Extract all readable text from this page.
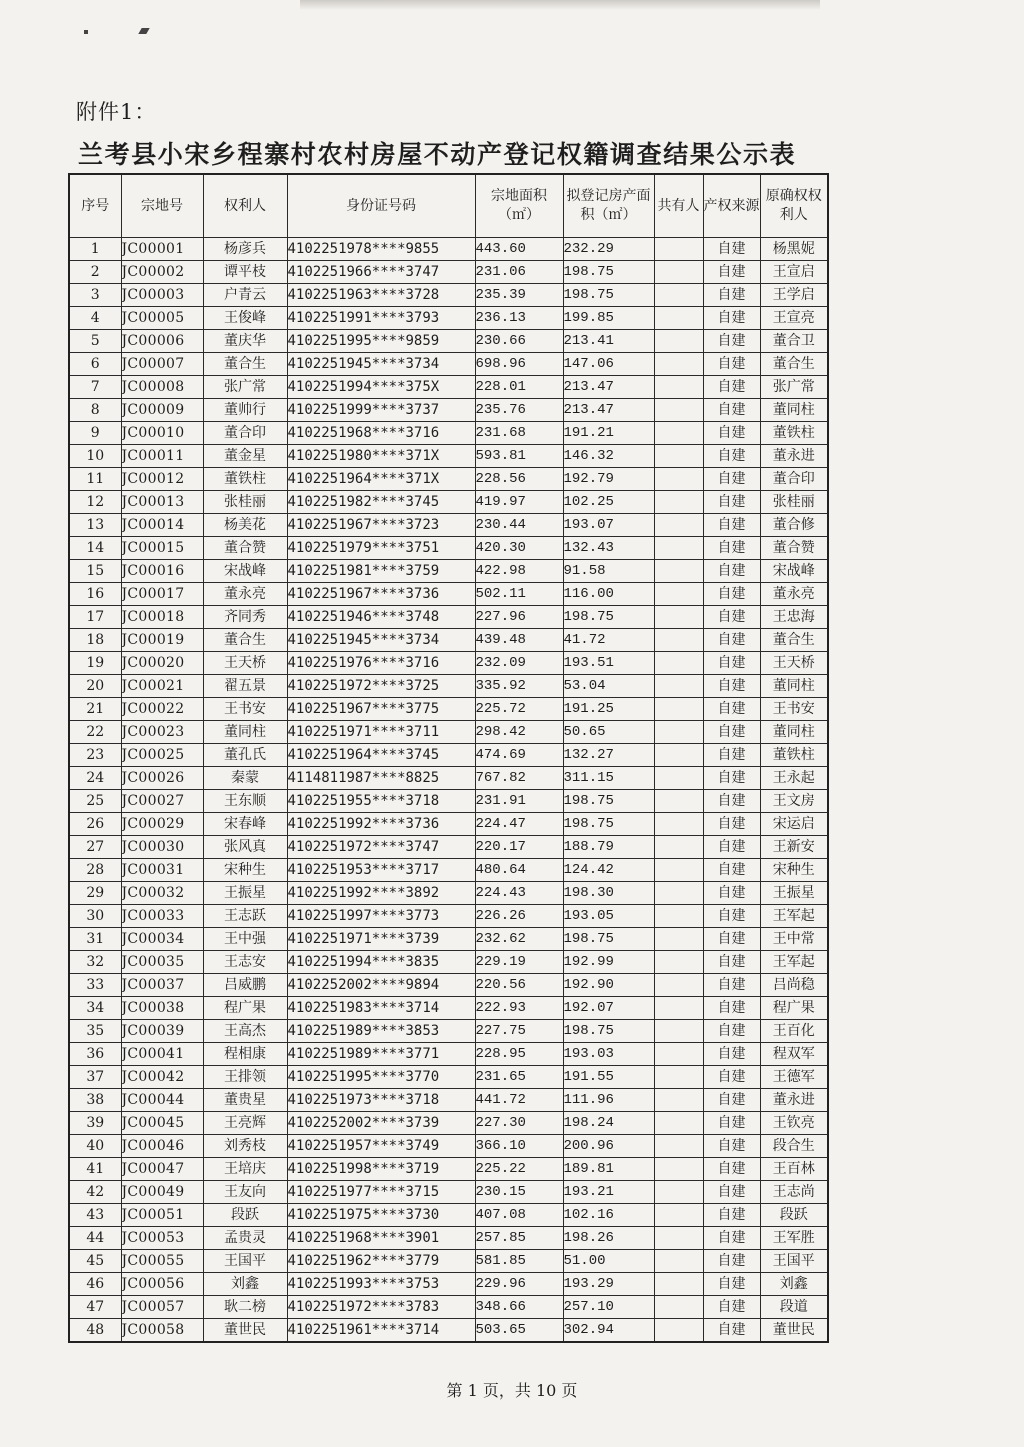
附件1：
兰考县小宋乡程寨村农村房屋不动产登记权籍调查结果公示表
序号	宗地号	权利人	身份证号码	宗地面积（㎡）	拟登记房产面积（㎡）	共有人	产权来源	原确权权利人
1	JC00001	杨彦兵	4102251978****9855	443.60	232.29		自建	杨黑妮
2	JC00002	谭平枝	4102251966****3747	231.06	198.75		自建	王宣启
3	JC00003	户青云	4102251963****3728	235.39	198.75		自建	王学启
4	JC00005	王俊峰	4102251991****3793	236.13	199.85		自建	王宣亮
5	JC00006	董庆华	4102251995****9859	230.66	213.41		自建	董合卫
6	JC00007	董合生	4102251945****3734	698.96	147.06		自建	董合生
7	JC00008	张广常	4102251994****375X	228.01	213.47		自建	张广常
8	JC00009	董帅行	4102251999****3737	235.76	213.47		自建	董同柱
9	JC00010	董合印	4102251968****3716	231.68	191.21		自建	董铁柱
10	JC00011	董金星	4102251980****371X	593.81	146.32		自建	董永进
11	JC00012	董铁柱	4102251964****371X	228.56	192.79		自建	董合印
12	JC00013	张桂丽	4102251982****3745	419.97	102.25		自建	张桂丽
13	JC00014	杨美花	4102251967****3723	230.44	193.07		自建	董合修
14	JC00015	董合赞	4102251979****3751	420.30	132.43		自建	董合赞
15	JC00016	宋战峰	4102251981****3759	422.98	91.58		自建	宋战峰
16	JC00017	董永亮	4102251967****3736	502.11	116.00		自建	董永亮
17	JC00018	齐同秀	4102251946****3748	227.96	198.75		自建	王忠海
18	JC00019	董合生	4102251945****3734	439.48	41.72		自建	董合生
19	JC00020	王天桥	4102251976****3716	232.09	193.51		自建	王天桥
20	JC00021	翟五景	4102251972****3725	335.92	53.04		自建	董同柱
21	JC00022	王书安	4102251967****3775	225.72	191.25		自建	王书安
22	JC00023	董同柱	4102251971****3711	298.42	50.65		自建	董同柱
23	JC00025	董孔氏	4102251964****3745	474.69	132.27		自建	董铁柱
24	JC00026	秦蒙	4114811987****8825	767.82	311.15		自建	王永起
25	JC00027	王东顺	4102251955****3718	231.91	198.75		自建	王文房
26	JC00029	宋春峰	4102251992****3736	224.47	198.75		自建	宋运启
27	JC00030	张风真	4102251972****3747	220.17	188.79		自建	王新安
28	JC00031	宋种生	4102251953****3717	480.64	124.42		自建	宋种生
29	JC00032	王振星	4102251992****3892	224.43	198.30		自建	王振星
30	JC00033	王志跃	4102251997****3773	226.26	193.05		自建	王军起
31	JC00034	王中强	4102251971****3739	232.62	198.75		自建	王中常
32	JC00035	王志安	4102251994****3835	229.19	192.99		自建	王军起
33	JC00037	吕威鹏	4102252002****9894	220.56	192.90		自建	吕尚稳
34	JC00038	程广果	4102251983****3714	222.93	192.07		自建	程广果
35	JC00039	王高杰	4102251989****3853	227.75	198.75		自建	王百化
36	JC00041	程相康	4102251989****3771	228.95	193.03		自建	程双军
37	JC00042	王排领	4102251995****3770	231.65	191.55		自建	王德军
38	JC00044	董贵星	4102251973****3718	441.72	111.96		自建	董永进
39	JC00045	王亮辉	4102252002****3739	227.30	198.24		自建	王钦亮
40	JC00046	刘秀枝	4102251957****3749	366.10	200.96		自建	段合生
41	JC00047	王培庆	4102251998****3719	225.22	189.81		自建	王百林
42	JC00049	王友向	4102251977****3715	230.15	193.21		自建	王志尚
43	JC00051	段跃	4102251975****3730	407.08	102.16		自建	段跃
44	JC00053	孟贵灵	4102251968****3901	257.85	198.26		自建	王军胜
45	JC00055	王国平	4102251962****3779	581.85	51.00		自建	王国平
46	JC00056	刘鑫	4102251993****3753	229.96	193.29		自建	刘鑫
47	JC00057	耿二榜	4102251972****3783	348.66	257.10		自建	段道
48	JC00058	董世民	4102251961****3714	503.65	302.94		自建	董世民
第 1 页，共 10 页
